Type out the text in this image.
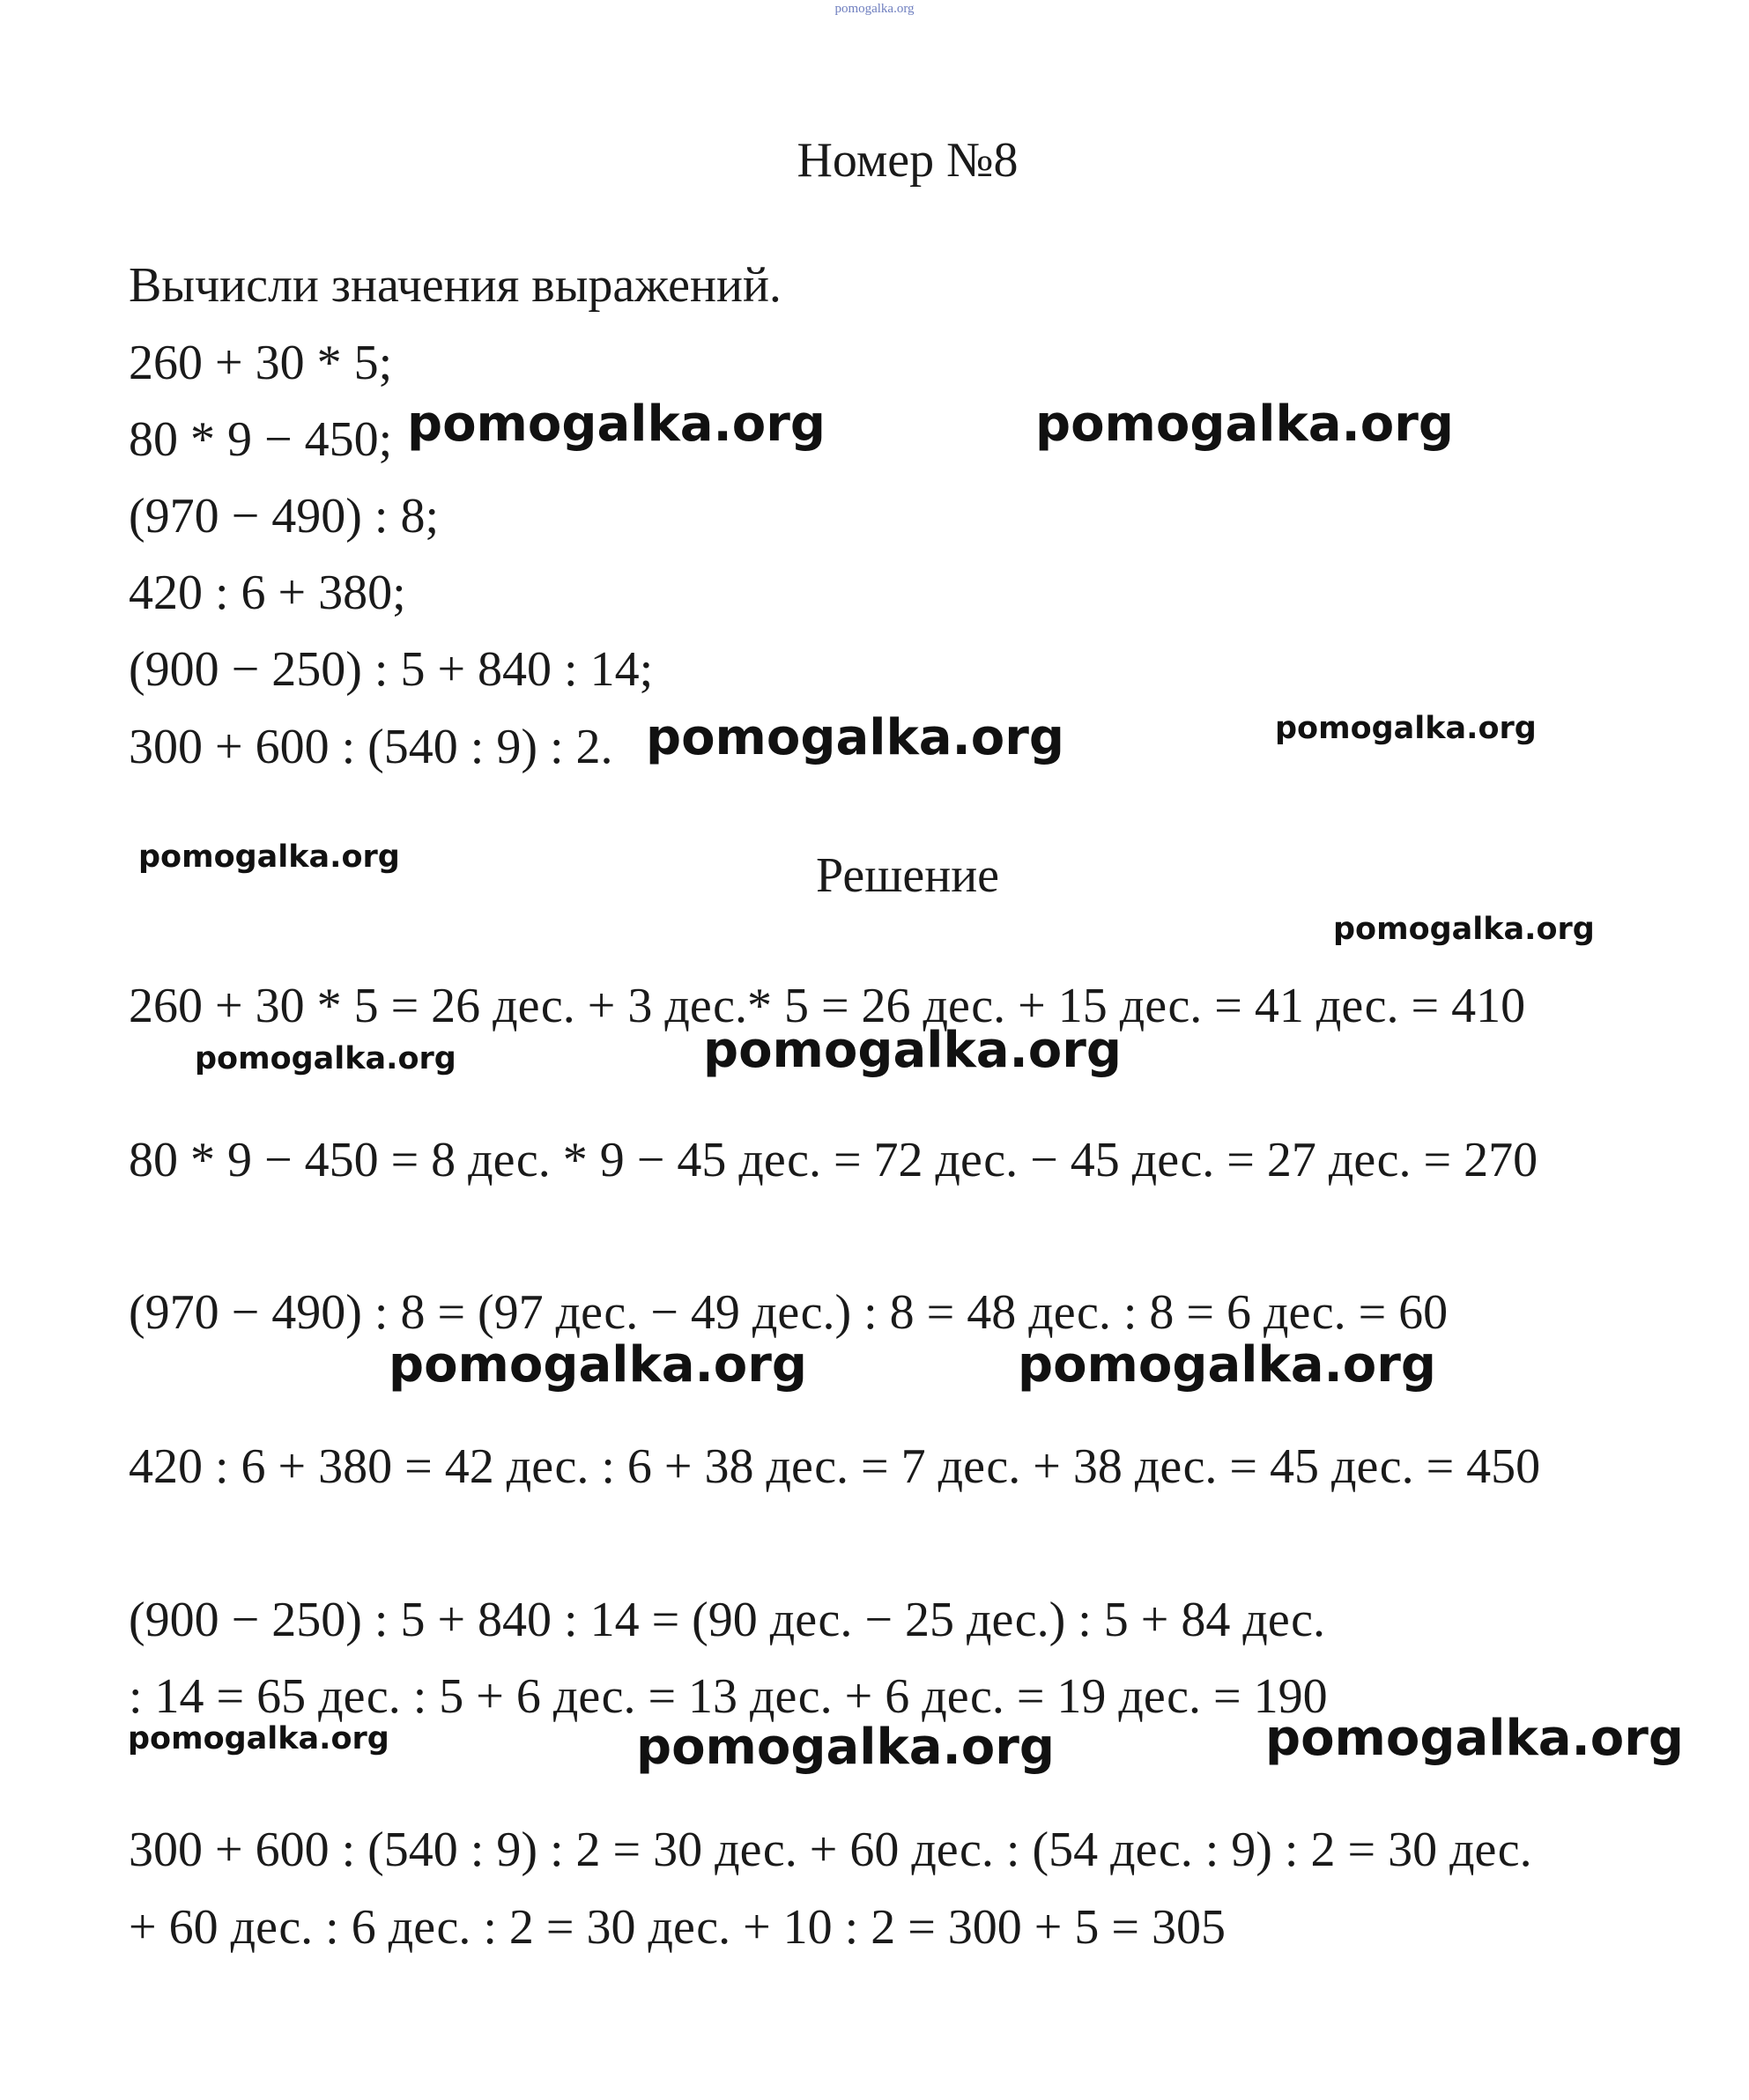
pomogalka.org
Номер №8
Вычисли значения выражений.
260 + 30 * 5;
80 * 9 − 450;
(970 − 490) : 8;
420 : 6 + 380;
(900 − 250) : 5 + 840 : 14;
300 + 600 : (540 : 9) : 2.
Решение
260 + 30 * 5 = 26 дес. + 3 дес.* 5 = 26 дес. + 15 дес. = 41 дес. = 410
80 * 9 − 450 = 8 дес. * 9 − 45 дес. = 72 дес. − 45 дес. = 27 дес. = 270
(970 − 490) : 8 = (97 дес. − 49 дес.) : 8 = 48 дес. : 8 = 6 дес. = 60
420 : 6 + 380 = 42 дес. : 6 + 38 дес. = 7 дес. + 38 дес. = 45 дес. = 450
(900 − 250) : 5 + 840 : 14 = (90 дес. − 25 дес.) : 5 + 84 дес.
: 14 = 65 дес. : 5 + 6 дес. = 13 дес. + 6 дес. = 19 дес. = 190
300 + 600 : (540 : 9) : 2 = 30 дес. + 60 дес. : (54 дес. : 9) : 2 = 30 дес.
+ 60 дес. : 6 дес. : 2 = 30 дес. + 10 : 2 = 300 + 5 = 305
pomogalka.org	pomogalka.org
pomogalka.org	pomogalka.org
pomogalka.org
pomogalka.org
pomogalka.org	pomogalka.org
pomogalka.org	pomogalka.org
pomogalka.org	pomogalka.org	pomogalka.org
